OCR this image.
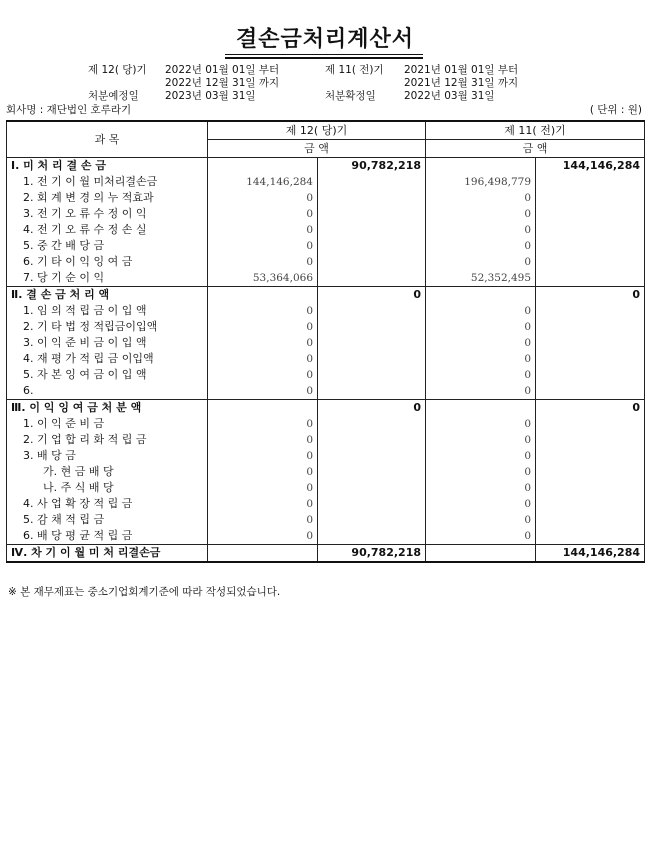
결손금처리계산서
제 12( 당)기 2022년 01월 01일 부터
2022년 12월 31일 까지
제 11( 전)기 2021년 01월 01일 부터
2021년 12월 31일 까지
처분예정일	2023년 03월 31일	처분확정일	2022년 03월 31일
회사명 : 재단법인 호루라기	( 단위 : 원)
과 목	제 12( 당)기		제 11( 전)기	
	금 액		금 액	
Ⅰ. 미 처 리 결 손 금		90,782,218		144,146,284
1. 전 기 이 월 미처리결손금	144,146,284		196,498,779	
2. 회 계 변 경 의 누 적효과	0		0	
3. 전 기 오 류 수 정 이 익	0		0	
4. 전 기 오 류 수 정 손 실	0		0	
5. 중 간 배 당 금	0		0	
6. 기 타 이 익 잉 여 금	0		0	
7. 당 기 순 이 익	53,364,066		52,352,495	
Ⅱ. 결 손 금 처 리 액		0		0
1. 임 의 적 립 금 이 입 액	0		0	
2. 기 타 법 정 적립금이입액	0		0	
3. 이 익 준 비 금 이 입 액	0		0	
4. 재 평 가 적 립 금 이입액	0		0	
5. 자 본 잉 여 금 이 입 액	0		0	
6.	0		0	
Ⅲ. 이 익 잉 여 금 처 분 액		0		0
1. 이 익 준 비 금	0		0	
2. 기 업 합 리 화 적 립 금	0		0	
3. 배 당 금	0		0	
가. 현 금 배 당	0		0	
나. 주 식 배 당	0		0	
4. 사 업 확 장 적 립 금	0		0	
5. 감 채 적 립 금	0		0	
6. 배 당 평 균 적 립 금	0		0	
Ⅳ. 차 기 이 월 미 처 리결손금		90,782,218		144,146,284
※ 본 재무제표는 중소기업회계기준에 따라 작성되었습니다.
